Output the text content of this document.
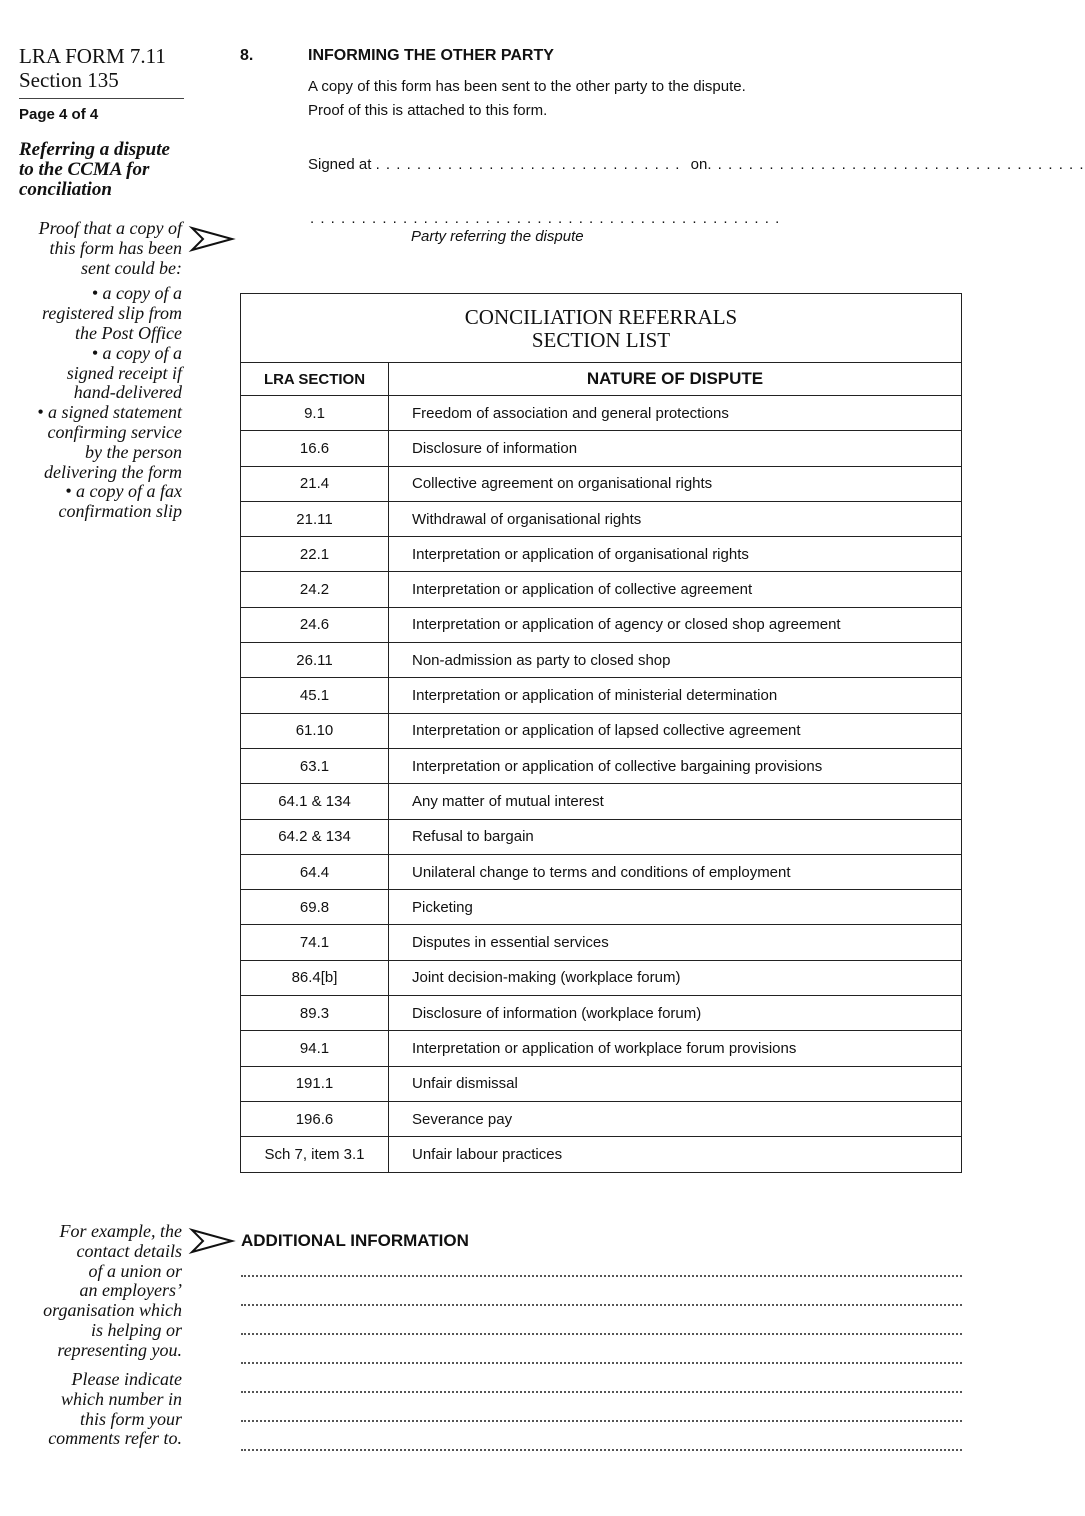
LRA FORM 7.11
Section 135
Page 4 of 4
Referring a dispute
to the CCMA for
conciliation
Proof that a copy of
this form has been
sent could be:
• a copy of a
registered slip from
the Post Office
• a copy of a
signed receipt if
hand-delivered
• a signed statement
confirming service
by the person
delivering the form
• a copy of a fax
confirmation slip
8.	INFORMING THE OTHER PARTY
A copy of this form has been sent to the other party to the dispute.
Proof of this is attached to this form.
Signed at . . . . . . . . . . . . . . . . . . . . . . . . . . . . . . on. . . . . . . . . . . . . . . . . . . . . . . . . . . . . . . . . . . . .
. . . . . . . . . . . . . . . . . . . . . . . . . . . . . . . . . . . . . . . . . . . . . .
Party referring the dispute
CONCILIATION REFERRALS
SECTION LIST	

LRA SECTION	NATURE OF DISPUTE
9.1	Freedom of association and general protections
16.6	Disclosure of information
21.4	Collective agreement on organisational rights
21.11	Withdrawal of organisational rights
22.1	Interpretation or application of organisational rights
24.2	Interpretation or application of collective agreement
24.6	Interpretation or application of agency or closed shop agreement
26.11	Non-admission as party to closed shop
45.1	Interpretation or application of ministerial determination
61.10	Interpretation or application of lapsed collective agreement
63.1	Interpretation or application of collective bargaining provisions
64.1 & 134	Any matter of mutual interest
64.2 & 134	Refusal to bargain
64.4	Unilateral change to terms and conditions of employment
69.8	Picketing
74.1	Disputes in essential services
86.4[b]	Joint decision-making (workplace forum)
89.3	Disclosure of information (workplace forum)
94.1	Interpretation or application of workplace forum provisions
191.1	Unfair dismissal
196.6	Severance pay
Sch 7, item 3.1	Unfair labour practices
For example, the
contact details
of a union or
an employers’
organisation which
is helping or
representing you.
Please indicate
which number in
this form your
comments refer to.
ADDITIONAL INFORMATION
